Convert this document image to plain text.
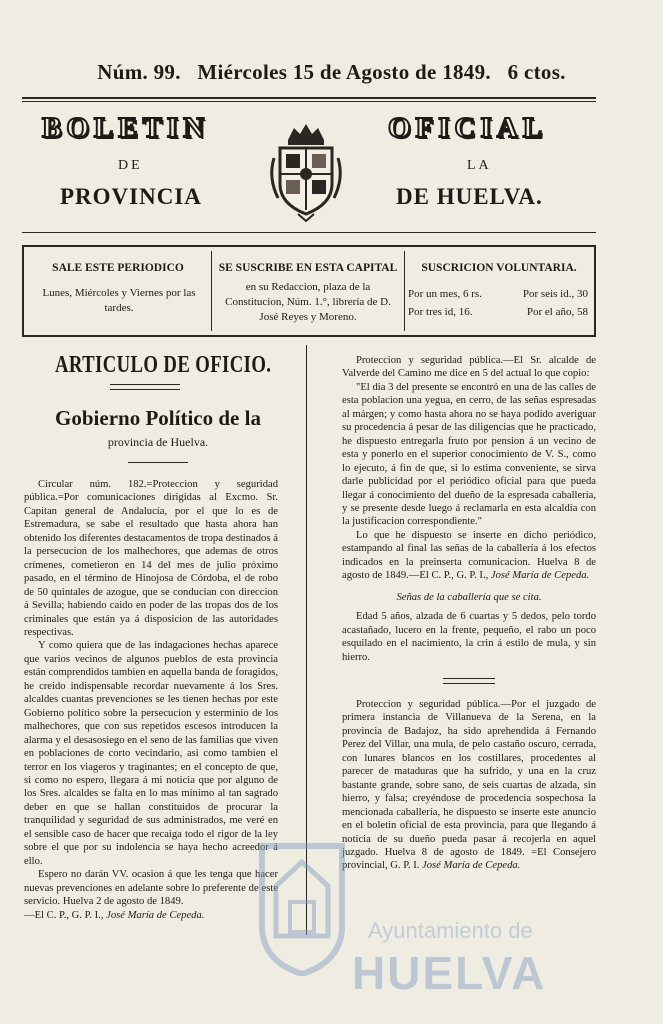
Núm. 99. Miércoles 15 de Agosto de 1849. 6 ctos.
BOLETIN	OFICIAL
DE	LA
PROVINCIA	DE HUELVA.
SALE ESTE PERIODICO
Lunes, Miércoles y Viernes por las tardes.
SE SUSCRIBE EN ESTA CAPITAL
en su Redaccion, plaza de la Constitucion, Núm. 1.°, librería de D. José Reyes y Moreno.
SUSCRICION VOLUNTARIA.
Por un mes, 6 rs.	Por seis id., 30
Por tres id, 16.	Por el año, 58
ARTICULO DE OFICIO.
Gobierno Político de la
provincia de Huelva.

Circular núm. 182.=Proteccion y seguridad pública.=Por comunicaciones dirigidas al Excmo. Sr. Capitan general de Andalucía, por el que lo es de Estremadura, se sabe el resultado que hasta ahora han obtenido los diferentes destacamentos de tropa destinados á la persecucion de los malhechores, que ademas de otros crímenes, cometieron en 14 del mes de julio próximo pasado, en el término de Hinojosa de Córdoba, el de robo de 50 quintales de azogue, que se conducian con direccion á Sevilla; habiendo caido en poder de las tropas dos de los criminales que están ya á disposicion de las autoridades respectivas.

Y como quiera que de las indagaciones hechas aparece que varios vecinos de algunos pueblos de esta provincia están comprendidos tambien en aquella banda de foragidos, he creido indispensable recordar nuevamente á los Sres. alcaldes cuantas prevenciones se les tienen hechas por este Gobierno político sobre la persecucion y esterminio de los malhechores, que con sus repetidos escesos introducen la alarma y el desasosiego en el seno de las familias que viven en poblaciones de corto vecindario, asi como tambien el terror en los viageros y traginantes; en el concepto de que, si como no espero, llegara á mi noticia que por alguno de los Sres. alcaldes se falta en lo mas mínimo al tan sagrado deber en que se hallan constituidos de procurar la tranquilidad y seguridad de sus administrados, me veré en el sensible caso de hacer que recaiga todo el rigor de la ley sobre el que por su indolencia se haya hecho acreedor á ello.

Espero no darán VV. ocasion á que les tenga que hacer nuevas prevenciones en adelante sobre lo preferente de este servicio. Huelva 2 de agosto de 1849.

—El C. P., G. P. I., José María de Cepeda.

Proteccion y seguridad pública.—El Sr. alcalde de Valverde del Camino me dice en 5 del actual lo que copio:

"El dia 3 del presente se encontró en una de las calles de esta poblacion una yegua, en cerro, de las señas espresadas al márgen; y como hasta ahora no se haya podido averiguar su procedencia á pesar de las diligencias que he practicado, he dispuesto entregarla fruto por pension á un vecino de esta y ponerlo en el superior conocimiento de V. S., como lo ejecuto, á fin de que, si lo estima conveniente, se sirva darle publicidad por el periódico oficial para que pueda llegar á conocimiento del dueño de la espresada caballería, y se presente desde luego á reclamarla en esta alcaldía con la justificacion correspondiente."

Lo que he dispuesto se inserte en dicho periódico, estampando al final las señas de la caballería á los efectos indicados en la preinserta comunicacion. Huelva 8 de agosto de 1849.—El C. P., G. P. I., José María de Cepeda.

Señas de la caballería que se cita.

Edad 5 años, alzada de 6 cuartas y 5 dedos, pelo tordo acastañado, lucero en la frente, pequeño, el rabo un poco esquilado en el nacimiento, la crin á estilo de mula, y sin hierro.

Proteccion y seguridad pública.—Por el juzgado de primera instancia de Villanueva de la Serena, en la provincia de Badajoz, ha sido aprehendida á Fernando Perez del Villar, una mula, de pelo castaño oscuro, cerrada, con lunares blancos en los costillares, procedentes al parecer de mataduras que ha sufrido, y una en la cruz bastante grande, sobre sano, de seis cuartas de alzada, sin hierro, y falsa; creyéndose de procedencia sospechosa la mencionada caballería, he dispuesto se inserte este anuncio en el boletin oficial de esta provincia, para que llegando á noticia de su dueño pueda pasar á recojerla en aquel juzgado. Huelva 8 de agosto de 1849. =El Consejero provincial, G. P. I. José María de Cepeda.

Ayuntamiento de
HUELVA
